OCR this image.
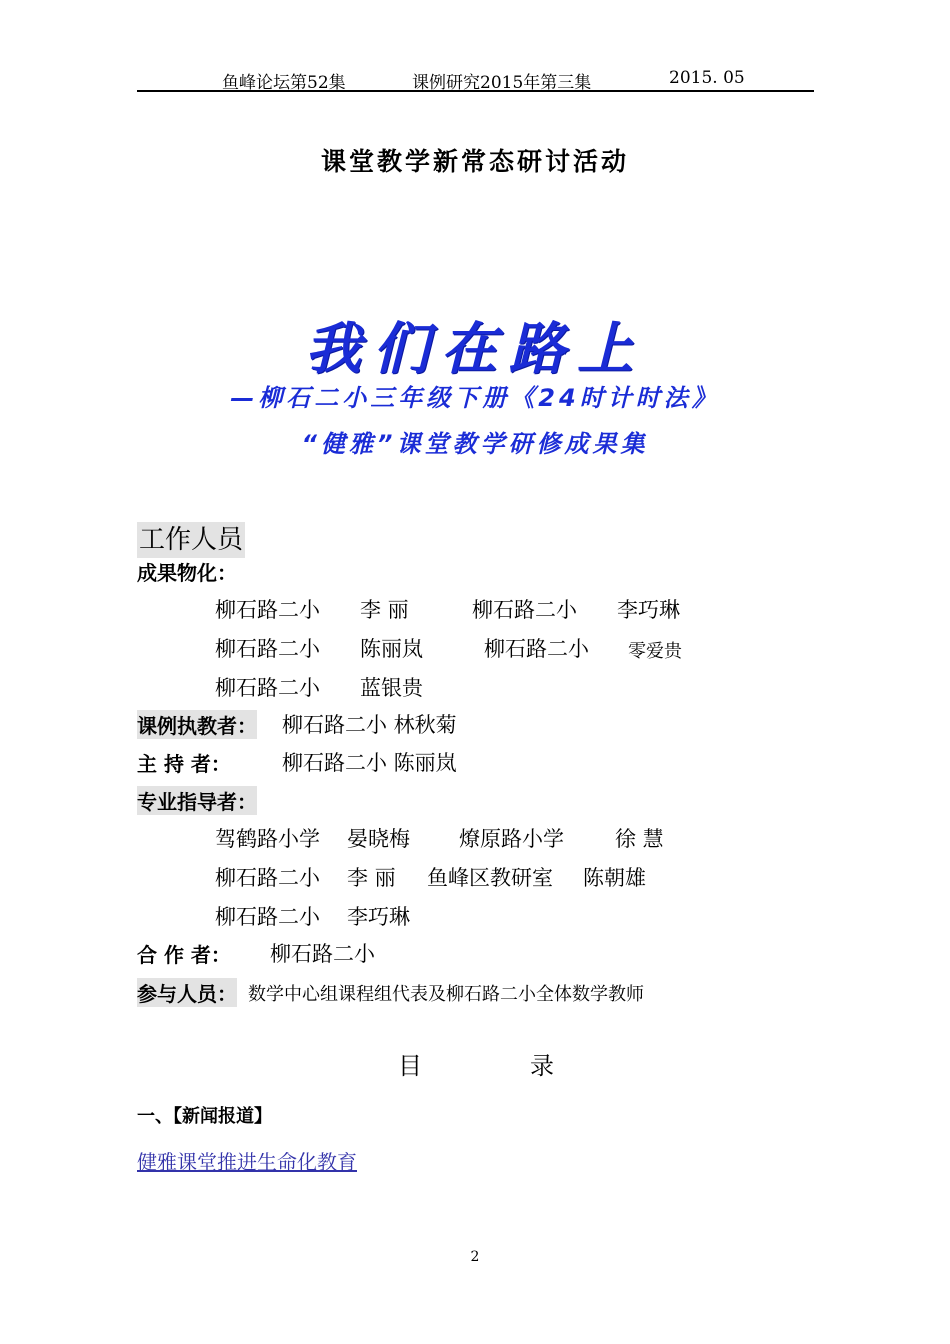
鱼峰论坛第52集	课例研究2015年第三集	2015. 05
课堂教学新常态研讨活动
我们在路上
—柳石二小三年级下册《24时计时法》
“健雅”课堂教学研修成果集
工作人员
成果物化：
柳石路二小 李 丽	柳石路二小 李巧琳
柳石路二小 陈丽岚	柳石路二小 零爱贵
柳石路二小 蓝银贵
课例执教者： 柳石路二小 林秋菊
主 持 者： 柳石路二小 陈丽岚
专业指导者：
驾鹤路小学 晏晓梅 燎原路小学 徐 慧
柳石路二小 李 丽 鱼峰区教研室 陈朝雄
柳石路二小 李巧琳
合 作 者： 柳石路二小
参与人员： 数学中心组课程组代表及柳石路二小全体数学教师
目	录
一、【新闻报道】
健雅课堂推进生命化教育
2
